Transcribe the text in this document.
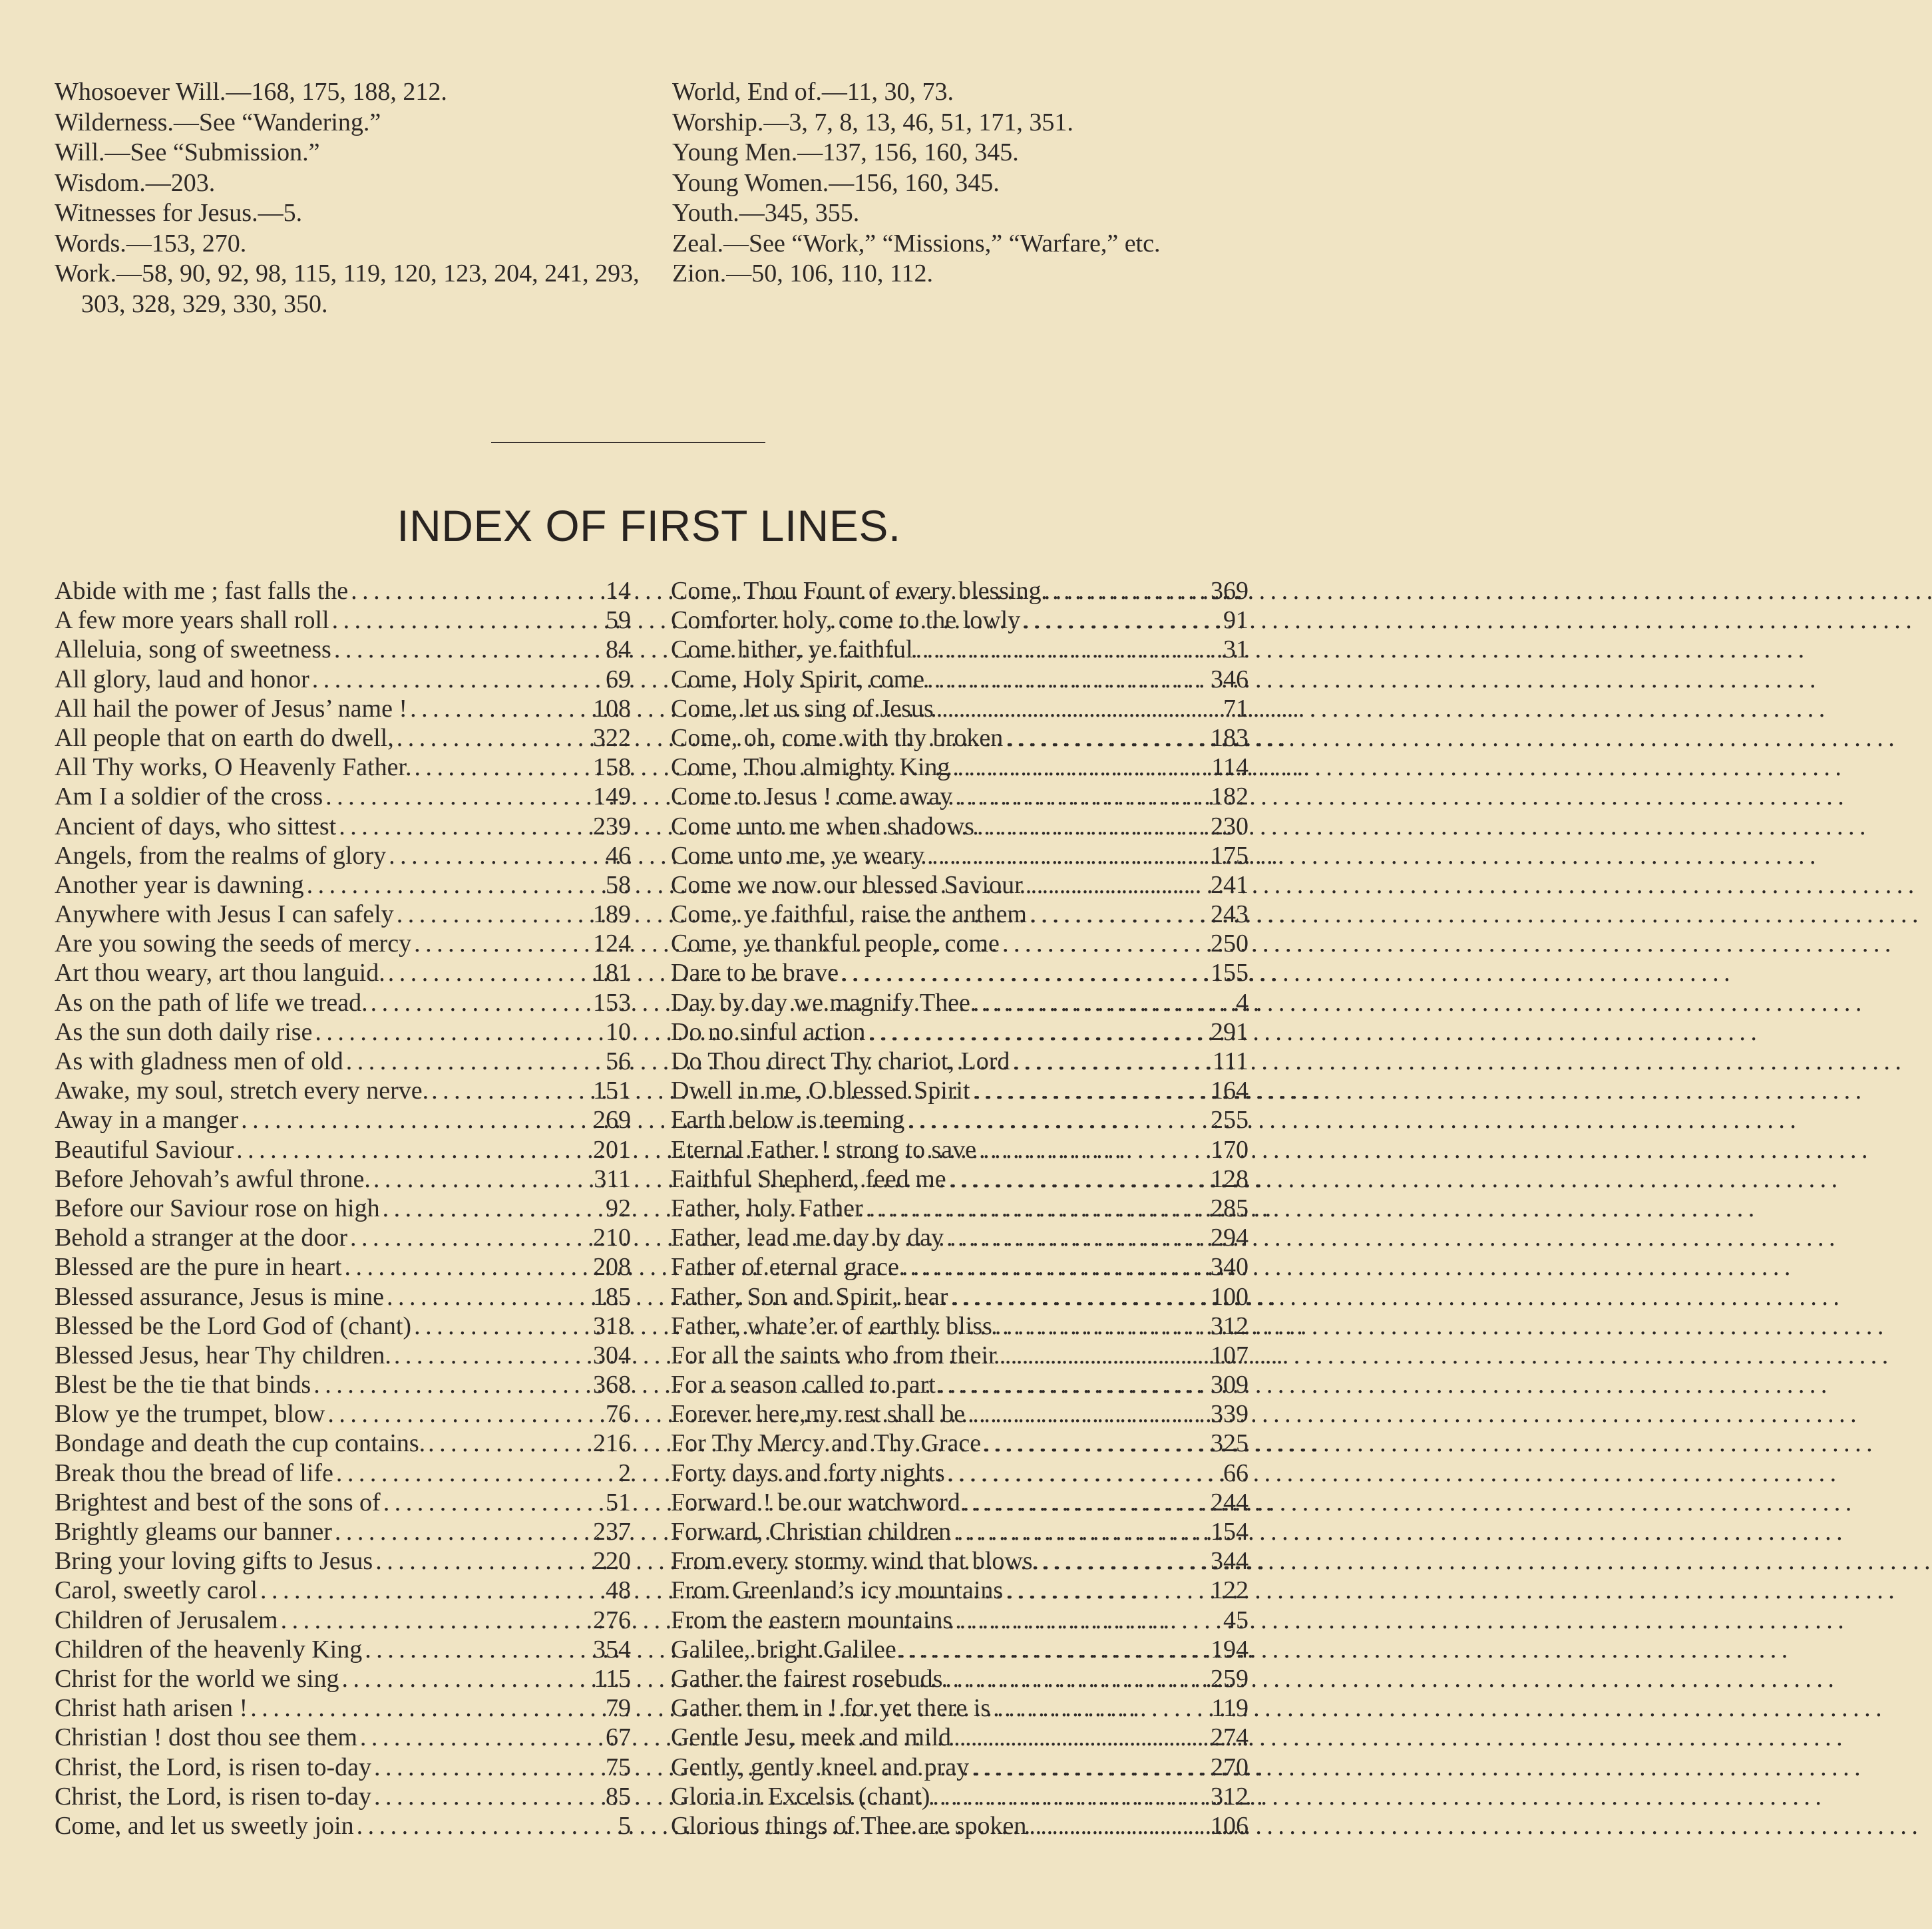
Whosoever Will.—168, 175, 188, 212.

Wilderness.—See “Wandering.”

Will.—See “Submission.”

Wisdom.—203.

Witnesses for Jesus.—5.

Words.—153, 270.

Work.—58, 90, 92, 98, 115, 119, 120, 123, 204, 241, 293, 303, 328, 329, 330, 350.

World, End of.—11, 30, 73.

Worship.—3, 7, 8, 13, 46, 51, 171, 351.

Young Men.—137, 156, 160, 345.

Young Women.—156, 160, 345.

Youth.—345, 355.

Zeal.—See “Work,” “Missions,” “Warfare,” etc.

Zion.—50, 106, 110, 112.

INDEX OF FIRST LINES.
Abide with me ; fast falls the . . .	14
A few more years shall roll . . .	59
Alleluia, song of sweetness . . .	84
All glory, laud and honor . . .	69
All hail the power of Jesus’ name ! . . .	108
All people that on earth do dwell, . . .	322
All Thy works, O Heavenly Father. . . .	158
Am I a soldier of the cross . . .	149
Ancient of days, who sittest . . .	239
Angels, from the realms of glory . . .	46
Another year is dawning . . .	58
Anywhere with Jesus I can safely . . .	189
Are you sowing the seeds of mercy . . .	124
Art thou weary, art thou languid. . . .	181
As on the path of life we tread. . . .	153
As the sun doth daily rise . . .	10
As with gladness men of old . . .	56
Awake, my soul, stretch every nerve. . . .	151
Away in a manger . . .	269
Beautiful Saviour . . .	201
Before Jehovah’s awful throne. . . .	311
Before our Saviour rose on high . . .	92
Behold a stranger at the door . . .	210
Blessed are the pure in heart . . .	208
Blessed assurance, Jesus is mine . . .	185
Blessed be the Lord God of (chant) . . .	318
Blessed Jesus, hear Thy children. . . .	304
Blest be the tie that binds . . .	368
Blow ye the trumpet, blow . . .	76
Bondage and death the cup contains. . . .	216
Break thou the bread of life . . .	2
Brightest and best of the sons of . . .	51
Brightly gleams our banner . . .	237
Bring your loving gifts to Jesus . . .	220
Carol, sweetly carol . . .	48
Children of Jerusalem . . .	276
Children of the heavenly King . . .	354
Christ for the world we sing . . .	115
Christ hath arisen ! . . .	79
Christian ! dost thou see them . . .	67
Christ, the Lord, is risen to-day . . .	75
Christ, the Lord, is risen to-day . . .	85
Come, and let us sweetly join . . .	5
Come, Thou Fount of every blessing . . .	369
Comforter holy, come to the lowly . . .	91
Come hither, ye faithful . . .	31
Come, Holy Spirit, come . . .	346
Come, let us sing of Jesus . . .	71
Come, oh, come with thy broken . . .	183
Come, Thou almighty King . . .	114
Come to Jesus ! come away . . .	182
Come unto me when shadows . . .	230
Come unto me, ye weary . . .	175
Come we now our blessed Saviour . . .	241
Come, ye faithful, raise the anthem . . .	243
Come, ye thankful people, come . . .	250
Dare to be brave . . .	155
Day by day we magnify Thee . . .	4
Do no sinful action . . .	291
Do Thou direct Thy chariot, Lord . . .	111
Dwell in me, O blessed Spirit . . .	164
Earth below is teeming . . .	255
Eternal Father ! strong to save . . .	170
Faithful Shepherd, feed me . . .	128
Father, holy Father . . .	285
Father, lead me day by day . . .	294
Father of eternal grace . . .	340
Father, Son and Spirit, hear . . .	100
Father, whate’er of earthly bliss . . .	312
For all the saints who from their . . .	107
For a season called to part . . .	309
Forever here,my rest shall be . . .	339
For Thy Mercy and Thy Grace . . .	325
Forty days and forty nights . . .	66
Forward ! be our watchword . . .	244
Forward, Christian children . . .	154
From every stormy wind that blows. . . .	344
From Greenland’s icy mountains . . .	122
From the eastern mountains . . .	45
Galilee, bright Galilee . . .	194
Gather the fairest rosebuds . . .	259
Gather them in ! for yet there is . . .	119
Gentle Jesu, meek and mild . . .	274
Gently, gently kneel and pray . . .	270
Gloria in Excelsis (chant) . . .	312
Glorious things of Thee are spoken . . .	106
